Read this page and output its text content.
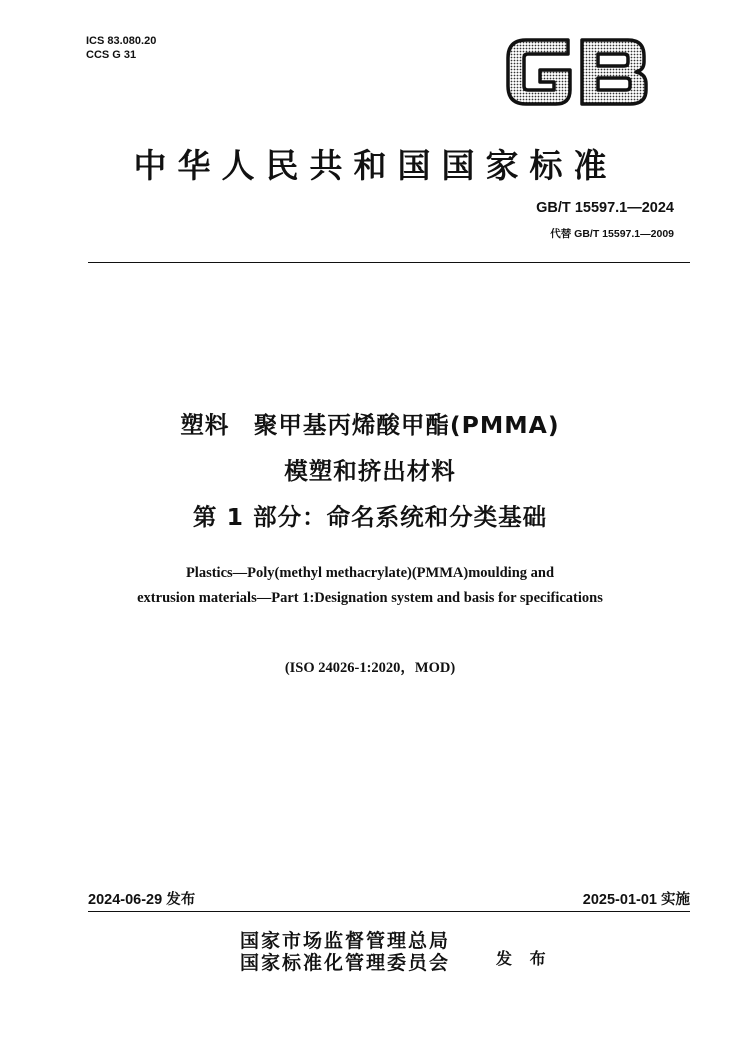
ICS 83.080.20
CCS G 31
中华人民共和国国家标准
GB/T 15597.1—2024
代替 GB/T 15597.1—2009
塑料　聚甲基丙烯酸甲酯(PMMA)
模塑和挤出材料
第 1 部分：命名系统和分类基础
Plastics—Poly(methyl methacrylate)(PMMA)moulding and
extrusion materials—Part 1:Designation system and basis for specifications
(ISO 24026-1:2020，MOD)
2024-06-29 发布	2025-01-01 实施
国家市场监督管理总局
国家标准化管理委员会	发 布
